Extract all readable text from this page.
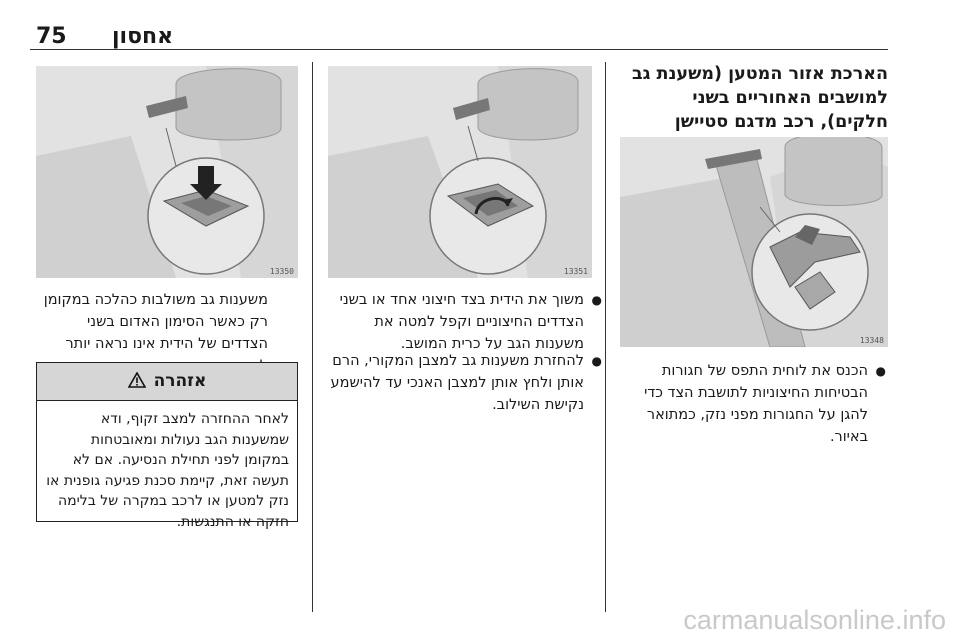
75 אחסון
הארכת אזור המטען (משענת גב למושבים האחוריים בשני חלקים), רכב מדגם סטיישן
13348
● הכנס את לוחית התפס של חגורות הבטיחות החיצוניות לתושבת הצד כדי להגן על החגורות מפני נזק, כמתואר באיור.
13351
● משוך את הידית בצד חיצוני אחד או בשני הצדדים החיצוניים וקפל למטה את משענות הגב על כרית המושב.
● להחזרת משענות גב למצבן המקורי, הרם אותן ולחץ אותן למצבן האנכי עד להישמע נקישת השילוב.
13350
משענות גב משולבות כהלכה במקומן רק כאשר הסימון האדום בשני הצדדים של הידית אינו נראה יותר
אזהרה
לאחר ההחזרה למצב זקוף, ודא שמשענות הגב נעולות ומאובטחות במקומן לפני תחילת הנסיעה. אם לא תעשה זאת, קיימת סכנת פגיעה גופנית או נזק למטען או לרכב במקרה של בלימה חזקה או התנגשות.
carmanualsonline.info
